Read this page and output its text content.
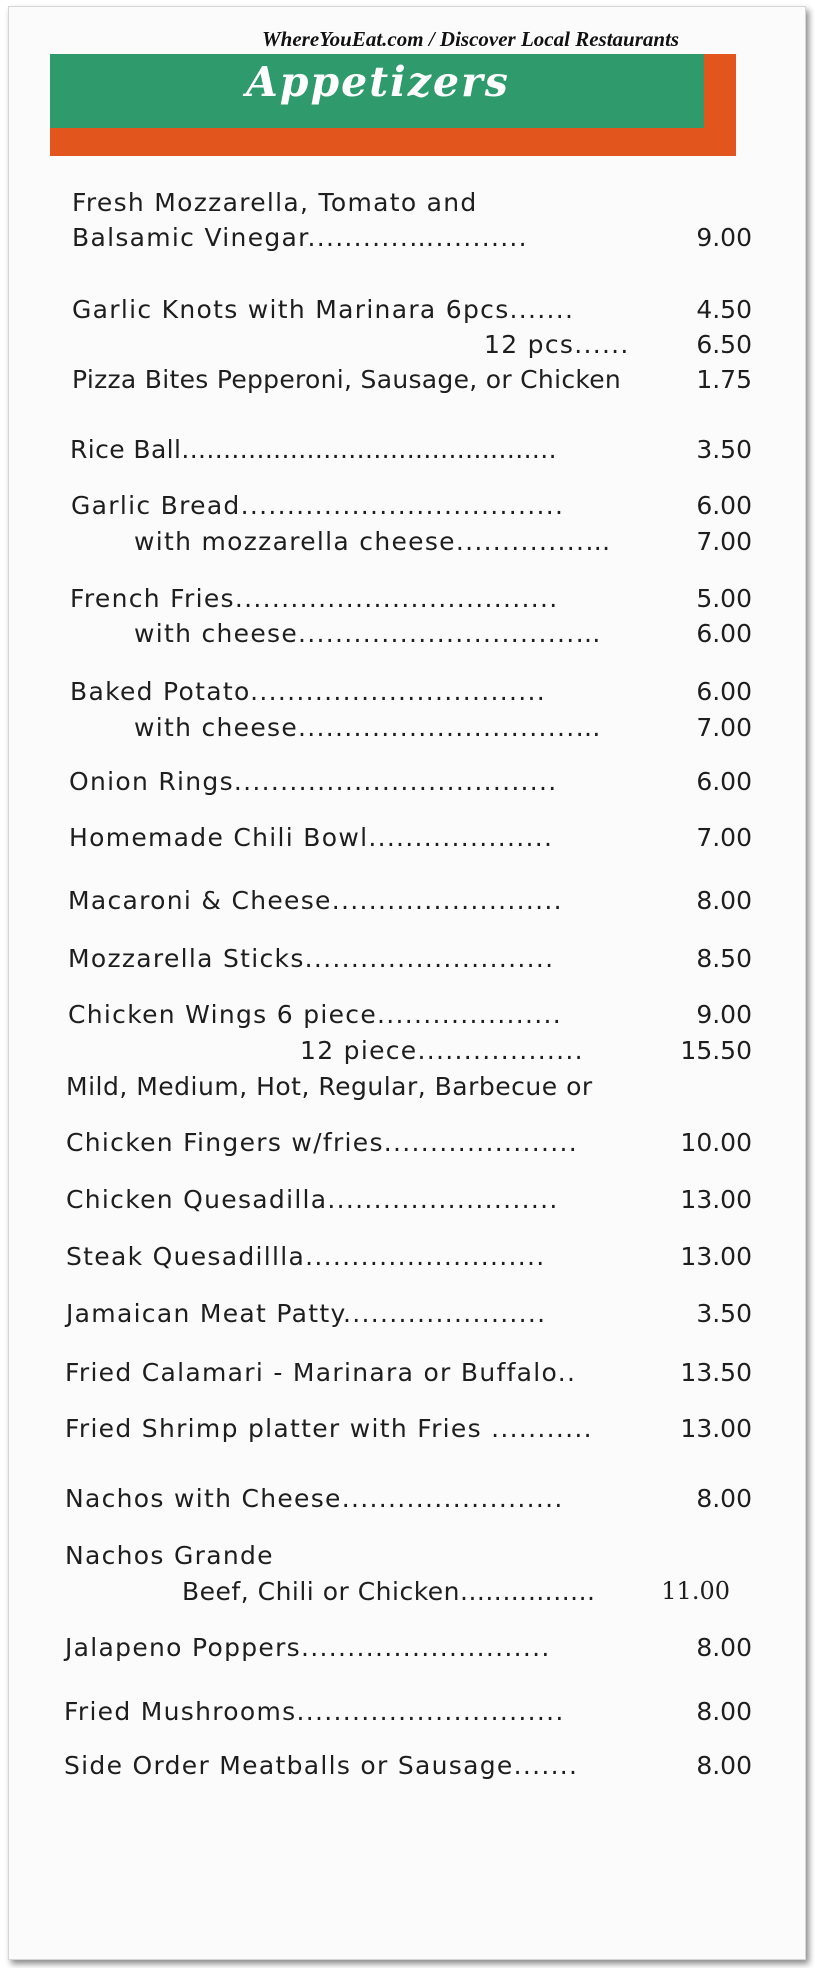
Appetizers
WhereYouEat.com / Discover Local Restaurants
Fresh Mozzarella, Tomato and
Balsamic Vinegar...........…..........	9.00
Garlic Knots with Marinara 6pcs.......	4.50
12 pcs......	6.50
Pizza Bites Pepperoni, Sausage, or Chicken	1.75
Rice Ball.............................................	3.50
Garlic Bread...................................	6.00
with mozzarella cheese..............…	7.00
French Fries...................................	5.00
with cheese..............................…	6.00
Baked Potato................................	6.00
with cheese..............................…	7.00
Onion Rings...................................	6.00
Homemade Chili Bowl....................	7.00
Macaroni & Cheese.........................	8.00
Mozzarella Sticks...........................	8.50
Chicken Wings 6 piece....................	9.00
12 piece..................	15.50
Mild, Medium, Hot, Regular, Barbecue or
Chicken Fingers w/fries.....................	10.00
Chicken Quesadilla.........................	13.00
Steak Quesadillla..........................	13.00
Jamaican Meat Patty......................	3.50
Fried Calamari - Marinara or Buffalo..	13.50
Fried Shrimp platter with Fries ...........	13.00
Nachos with Cheese........................	8.00
Nachos Grande
Beef, Chili or Chicken.....…….....	11.00
Jalapeno Poppers...........................	8.00
Fried Mushrooms.............................	8.00
Side Order Meatballs or Sausage.......	8.00
